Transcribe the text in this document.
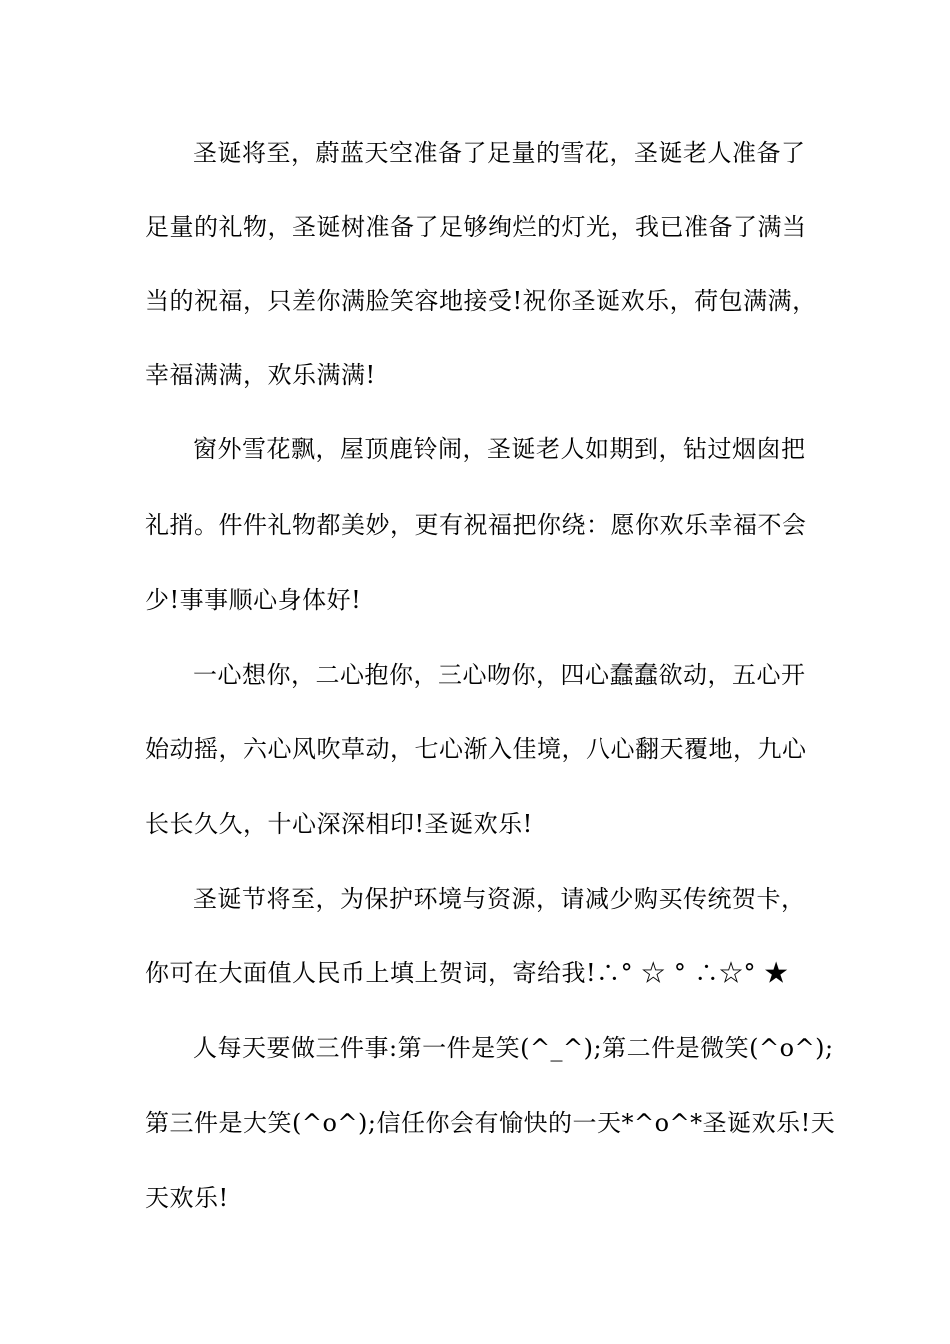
圣诞将至，蔚蓝天空准备了足量的雪花，圣诞老人准备了
足量的礼物，圣诞树准备了足够绚烂的灯光，我已准备了满当
当的祝福，只差你满脸笑容地接受!祝你圣诞欢乐，荷包满满，
幸福满满，欢乐满满!
窗外雪花飘，屋顶鹿铃闹，圣诞老人如期到，钻过烟囱把
礼捎。件件礼物都美妙，更有祝福把你绕：愿你欢乐幸福不会
少!事事顺心身体好!
一心想你，二心抱你，三心吻你，四心蠢蠢欲动，五心开
始动摇，六心风吹草动，七心渐入佳境，八心翻天覆地，九心
长长久久，十心深深相印!圣诞欢乐!
圣诞节将至，为保护环境与资源，请减少购买传统贺卡，
你可在大面值人民币上填上贺词，寄给我!∴° ☆ ° ∴☆° ★
人每天要做三件事:第一件是笑(^_^);第二件是微笑(^o^);
第三件是大笑(^o^);信任你会有愉快的一天*^o^*圣诞欢乐!天
天欢乐!
